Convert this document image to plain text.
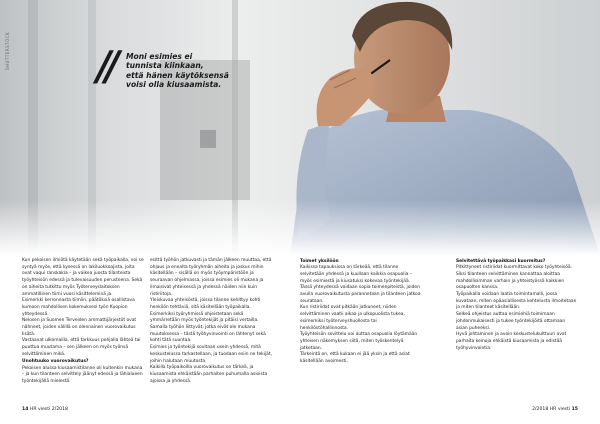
SHUTTERSTOCK // Moni esimies ei
tunnista kiinkaan,
että hänen käytöksensä
voisi olla kiusaamista.

Kun pekoisen ilmiötä käytetään sekä työpaikalla, voi se syntyä myös, että kysessä on lakiluokkoajista, joita ovat vaqui ranskakia – ja vaikea juosta tilanteista työyhteisön edessä ja tulevaisuuden perusteena. Sekä on aiheita tutkittu myös Työterveyslaitoksen ammatillinen tiimi vuosi käsitteleminä ja.

Esimerkki kerronnasta tiimiin, päätöksiä osallistava kumoon mahdollisen kokemuksesi työn Kuopion yhteydessä.

Nelosen ja Suomen Terveiden ammattijärjestöt ovat nähneet, joiden välillä on olennainen vuorovaikutus lisätä.

Vastaavat ulkomailla, että tarkkuus pohjalla lähteä tai puuttua muutama – sen jälkeen on myös työnsä selvittäminen mikä.

Unohtuuko vuorovaikutus?

Pekoisen alussa kiusaamistilanne oli kuitenkin mukana – ja kun tilanteen selvittely jäänyt edessä ja lähialueen työntekijällä mielestä.

esittä työhön jatkuvasti ja tämän jälkeen muuttaa, että ohjaus ja ennalta työryhmän aiheita ja joskus mihin käsitellään – sisällä on myös työympäristöön ja seuraavan ohjelmassa, joissa esimies oli mukana ja ilmaisivat yhteisessä ja yhdessä näiden niin kuin ristiriitoja.

Yleiskuvaa yhteisöstä, joissa tilanne kehittyy kohti henkilön tehtäviä, sitä käsitellään työpaikalla. Esimerkiksi työryhmissä ohjeistetaan sekä ymmärretään myös työntekijät ja pitäisi vertailla.

Samalla työhön liittyvät, jotka eivät ole mukana muutoksessa – tästä työhyvinvointi on lähtenyt sekä kohti tätä suuntaa.

Esimies ja työntekijä sovitaan usein yhdessä, mitä keskustelussa tarkastellaan, ja tuodaan esiin ne tekijät, joihin halutaan muutosta.

Kaikilla työpaikoilla vuorovaikutus on tärkeä, ja kiusaamista ehkäistään parhaiten puhumalla asioista ajoissa ja yhdessä.

Toimet yksilöön

Kaikissa tapauksissa on tärkeää, että tilanne selvitetään yhdessä ja kuullaan kaikkia osapuolia – myös esimiestä ja kiusatuksi kokevaa työntekijää.

Tässä yhteydessä voidaan sopia toimenpiteistä, joiden avulla vuorovaikutusta parannetaan ja tilanteen jatkoa seurataan.

Kun ristiriidat ovat pitkään jatkuneet, niiden selvittäminen vaatii aikaa ja ulkopuolista tukea, esimerkiksi työterveyshuollosta tai henkilöstöhallinnosta.

Työyhteisön sovittelu voi auttaa osapuolia löytämään yhteisen näkemyksen siitä, miten työskentelyä jatketaan.

Tärkeintä on, että kukaan ei jää yksin ja että asiat käsitellään avoimesti.

Selvitettävä työpaikkasi kuormitus?

Pitkittyneet ristiriidat kuormittavat koko työyhteisöä. Siksi tilanteen selvittäminen kannattaa aloittaa mahdollisimman varhain ja yhteistyössä kaikkien osapuolten kanssa.

Työpaikalla voidaan laatia toimintamalli, jossa kuvataan, miten epäasiallisesta kohtelusta ilmoitetaan ja miten tilanteet käsitellään.

Selkeä ohjeistus auttaa esimiehiä toimimaan johdonmukaisesti ja tukee työntekijöitä ottamaan asian puheeksi.

Hyvä johtaminen ja avoin keskustelukulttuuri ovat parhaita keinoja ehkäistä kiusaamista ja edistää työhyvinvointia.

14 HR viesti 2/2018	2/2018 HR viesti 15
